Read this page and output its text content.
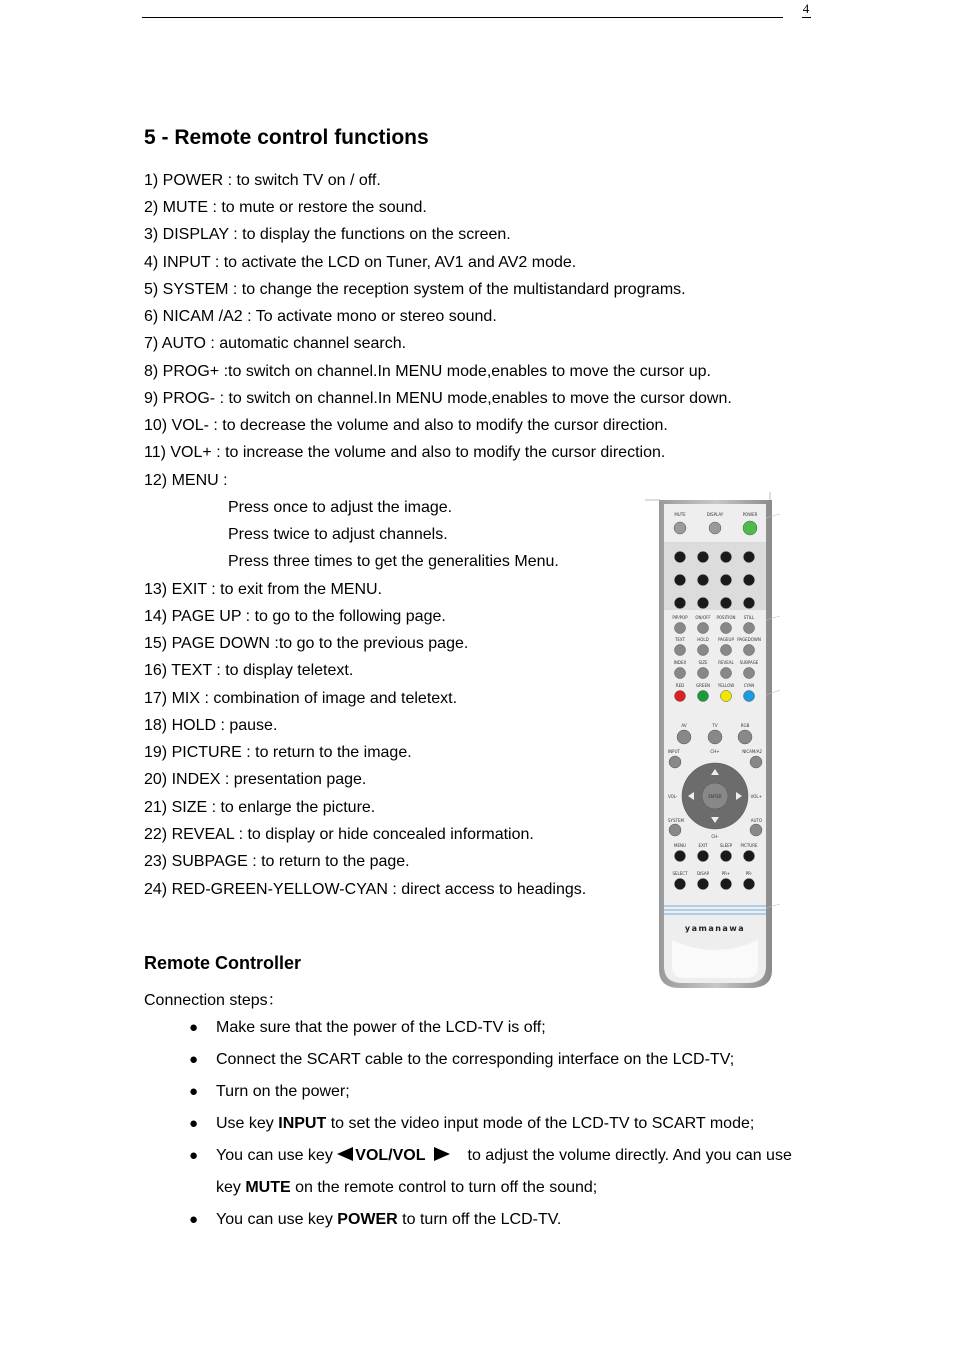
4
5 - Remote control functions
1) POWER : to switch TV on / off.
2) MUTE : to mute or restore the sound.
3) DISPLAY : to display the functions on the screen.
4) INPUT : to activate the LCD on Tuner, AV1 and AV2 mode.
5) SYSTEM : to change the reception system of the multistandard programs.
6) NICAM /A2 : To activate mono or stereo sound.
7) AUTO : automatic channel search.
8) PROG+ :to switch on channel.In MENU mode,enables to move the cursor up.
9) PROG- : to switch on channel.In MENU mode,enables to move the cursor down.
10) VOL- : to decrease the volume and also to modify the cursor direction.
11) VOL+ : to increase the volume and also to modify the cursor direction.
12) MENU :
Press once to adjust the image.
Press twice to adjust channels.
Press three times to get the generalities Menu.
13) EXIT : to exit from the MENU.
14) PAGE UP : to go to the following page.
15) PAGE DOWN :to go to the previous page.
16) TEXT : to display teletext.
17) MIX : combination of image and teletext.
18) HOLD : pause.
19) PICTURE : to return to the image.
20) INDEX : presentation page.
21) SIZE : to enlarge the picture.
22) REVEAL : to display or hide concealed information.
23) SUBPAGE : to return to the page.
24) RED-GREEN-YELLOW-CYAN : direct access to headings.
MUTE	DISPLAY	POWER
PIP/POP ON/OFF POSITION STILL
TEXT	HOLD PAGEUP PAGEDOWN
INDEX	SIZE	REVEAL SUBPAGE
RED	GREEN YELLOW CYAN
AV	TV	RGB
INPUT	CH+	NICAM/A2
ENTER
VOL-	VOL+
SYSTEM
CH-
AUTO
MENU	EXIT	SLEEP PICTURE
SELECT DISAP	PR+	PR-
yamanawa
Remote Controller
Connection steps：
● Make sure that the power of the LCD-TV is off;
● Connect the SCART cable to the corresponding interface on the LCD-TV;
● Turn on the power;
● Use key INPUT to set the video input mode of the LCD-TV to SCART mode;
● You can use key VOL/VOL	to adjust the volume directly. And you can use
key MUTE on the remote control to turn off the sound;
● You can use key POWER to turn off the LCD-TV.
